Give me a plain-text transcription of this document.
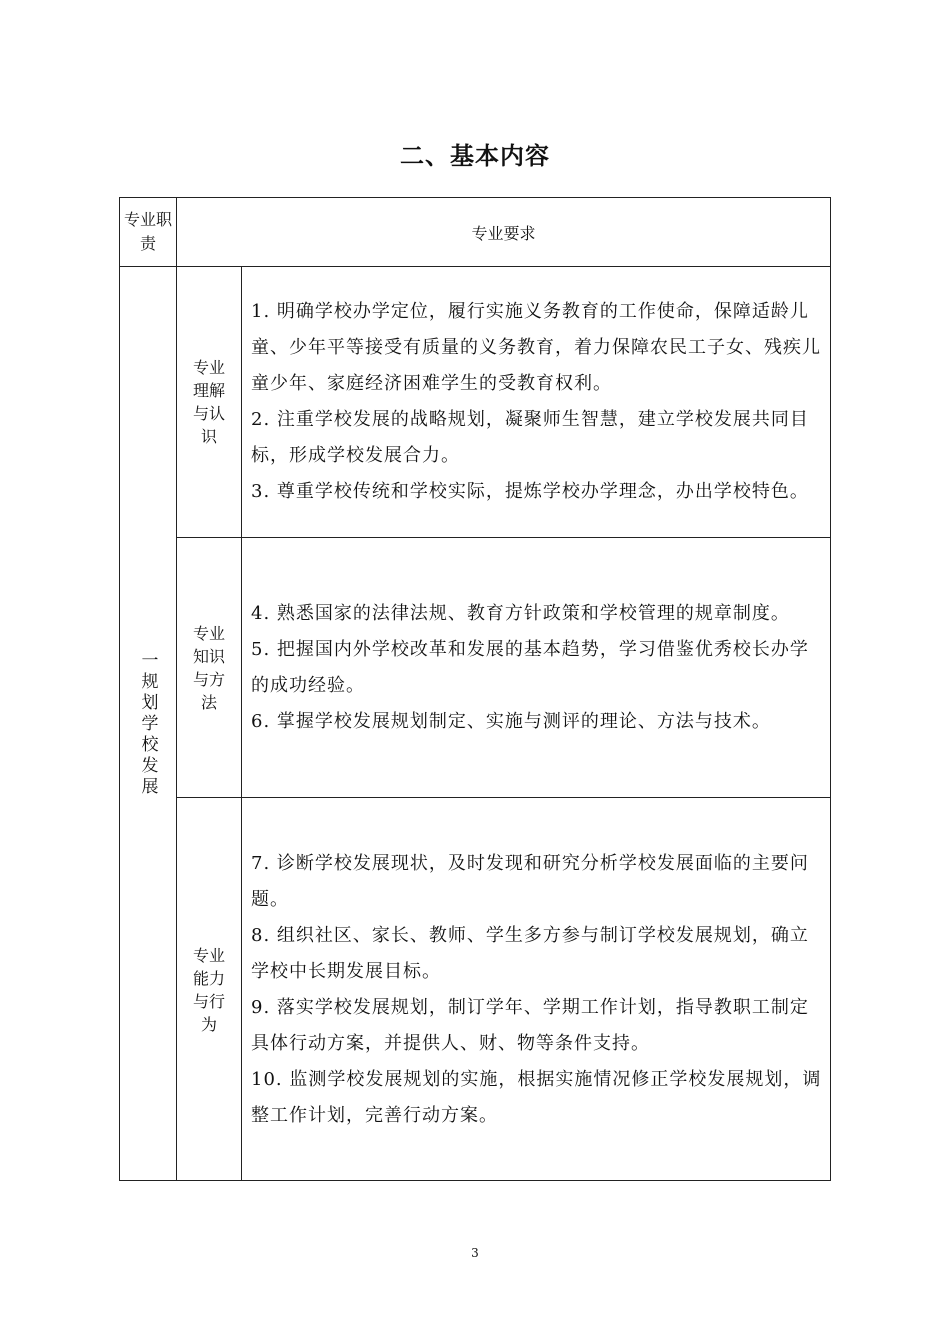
二、基本内容
专业职责
专业要求
一规划学校发展
专业理解与认识
1. 明确学校办学定位，履行实施义务教育的工作使命，保障适龄儿童、少年平等接受有质量的义务教育，着力保障农民工子女、残疾儿童少年、家庭经济困难学生的受教育权利。
2. 注重学校发展的战略规划，凝聚师生智慧，建立学校发展共同目标，形成学校发展合力。
3. 尊重学校传统和学校实际，提炼学校办学理念，办出学校特色。
专业知识与方法
4. 熟悉国家的法律法规、教育方针政策和学校管理的规章制度。
5. 把握国内外学校改革和发展的基本趋势，学习借鉴优秀校长办学的成功经验。
6. 掌握学校发展规划制定、实施与测评的理论、方法与技术。
专业能力与行为
7. 诊断学校发展现状，及时发现和研究分析学校发展面临的主要问题。
8. 组织社区、家长、教师、学生多方参与制订学校发展规划，确立学校中长期发展目标。
9. 落实学校发展规划，制订学年、学期工作计划，指导教职工制定具体行动方案，并提供人、财、物等条件支持。
10. 监测学校发展规划的实施，根据实施情况修正学校发展规划，调整工作计划，完善行动方案。
3
